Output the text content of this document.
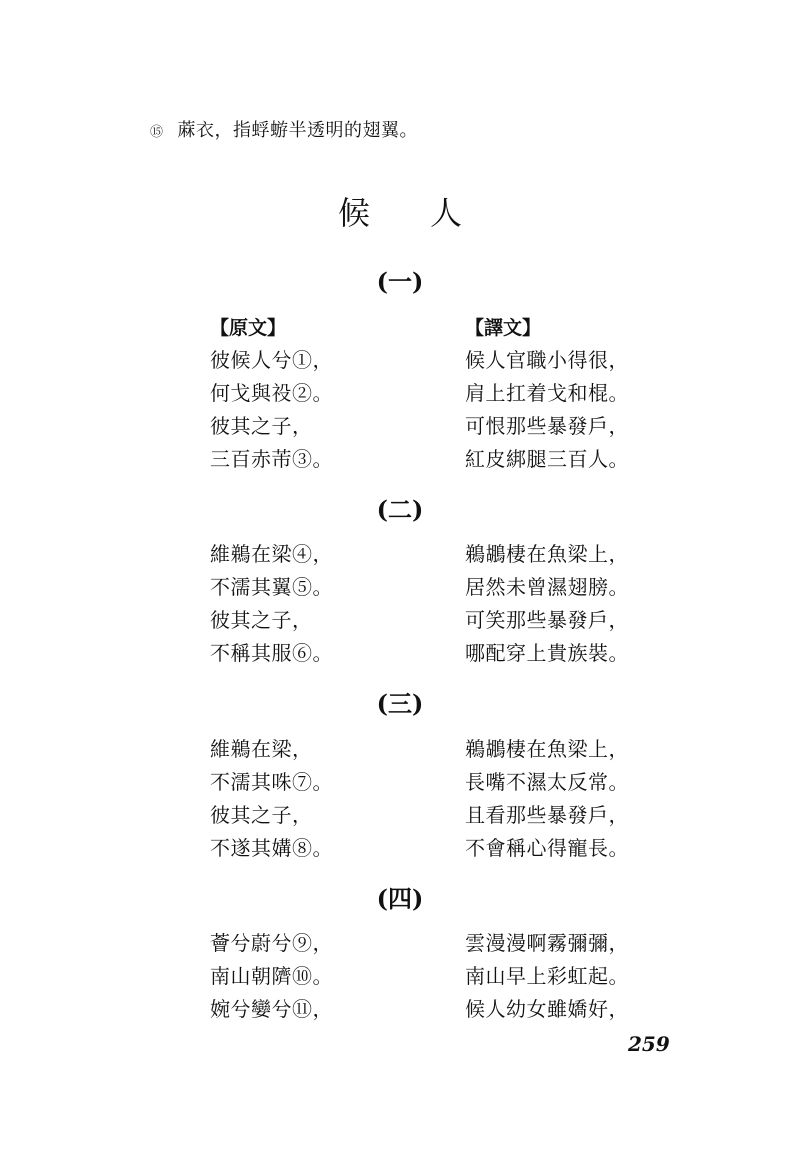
⑮ 蔴衣，指蜉蝣半透明的翅翼。
候人
(一)
【原文】	【譯文】
彼候人兮①，
何戈與祋②。
彼其之子，
三百赤芾③。
候人官職小得很，
肩上扛着戈和棍。
可恨那些暴發戶，
紅皮綁腿三百人。
(二)
維鵜在梁④，
不濡其翼⑤。
彼其之子，
不稱其服⑥。
鵜鶘棲在魚梁上，
居然未曾濕翅膀。
可笑那些暴發戶，
哪配穿上貴族裝。
(三)
維鵜在梁，
不濡其咮⑦。
彼其之子，
不遂其媾⑧。
鵜鶘棲在魚梁上，
長嘴不濕太反常。
且看那些暴發戶，
不會稱心得寵長。
(四)
薈兮蔚兮⑨，
南山朝隮⑩。
婉兮孌兮⑪，
雲漫漫啊霧彌彌，
南山早上彩虹起。
候人幼女雖嬌好，
259
